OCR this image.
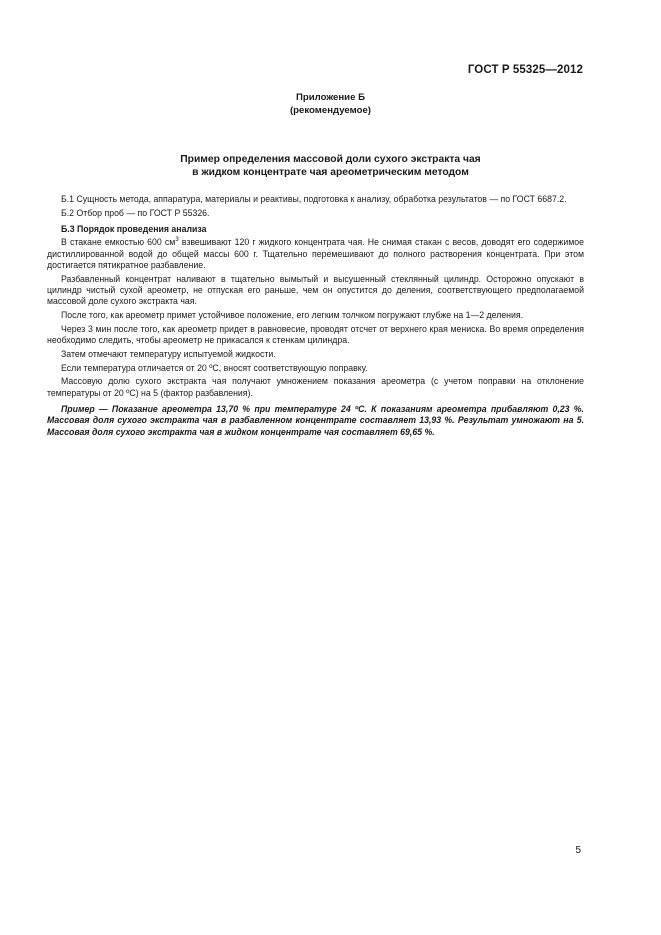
ГОСТ Р 55325—2012
Приложение Б
(рекомендуемое)
Пример определения массовой доли сухого экстракта чая
в жидком концентрате чая ареометрическим методом

Б.1 Сущность метода, аппаратура, материалы и реактивы, подготовка к анализу, обработка результатов — по ГОСТ 6687.2.

Б.2 Отбор проб — по ГОСТ Р 55326.

Б.3 Порядок проведения анализа

В стакане емкостью 600 $см^3$ взвешивают 120 г жидкого концентрата чая. Не снимая стакан с весов, доводят его содержимое дистиллированной водой до общей массы 600 г. Тщательно перемешивают до полного растворения концентрата. При этом достигается пятикратное разбавление.

Разбавленный концентрат наливают в тщательно вымытый и высушенный стеклянный цилиндр. Осторожно опускают в цилиндр чистый сухой ареометр, не отпуская его раньше, чем он опустится до деления, соответствующего предполагаемой массовой доле сухого экстракта чая.

После того, как ареометр примет устойчивое положение, его легким толчком погружают глубже на 1—2 деления.

Через 3 мин после того, как ареометр придет в равновесие, проводят отсчет от верхнего края мениска. Во время определения необходимо следить, чтобы ареометр не прикасался к стенкам цилиндра.

Затем отмечают температуру испытуемой жидкости.

Если температура отличается от 20 ºС, вносят соответствующую поправку.

Массовую долю сухого экстракта чая получают умножением показания ареометра (с учетом поправки на отклонение температуры от 20 ºС) на 5 (фактор разбавления).

Пример — Показание ареометра 13,70 % при температуре 24 ºС. К показаниям ареометра прибавляют 0,23 %. Массовая доля сухого экстракта чая в разбавленном концентрате составляет 13,93 %. Результат умножают на 5. Массовая доля сухого экстракта чая в жидком концентрате чая составляет 69,65 %.

5
